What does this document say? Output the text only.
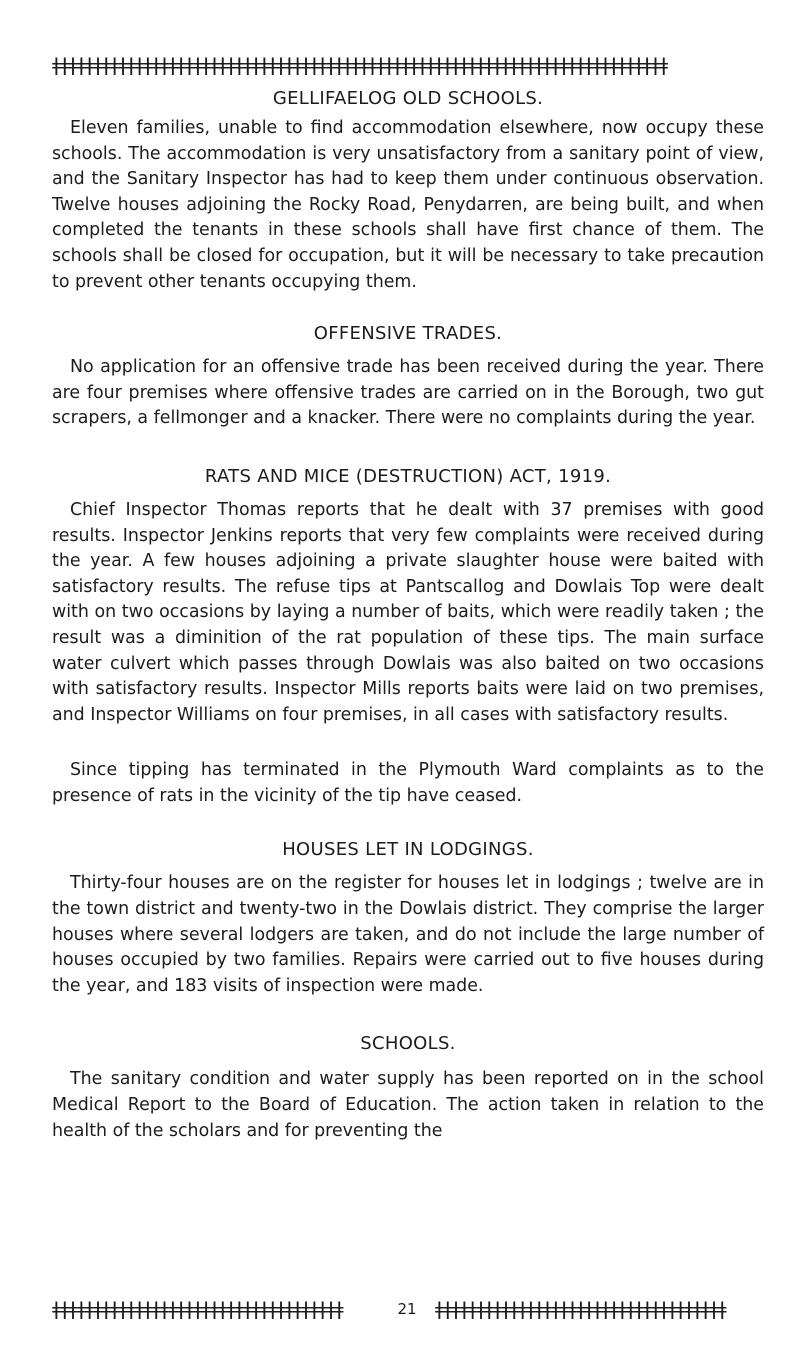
ǂǂǂǂǂǂǂǂǂǂǂǂǂǂǂǂǂǂǂǂǂǂǂǂǂǂǂǂǂǂǂǂǂǂǂǂǂǂǂǂǂǂǂǂǂǂǂǂǂǂǂǂǂǂǂǂǂǂǂǂǂǂǂǂǂǂǂǂǂǂǂǂǂǂ
GELLIFAELOG OLD SCHOOLS.

Eleven families, unable to find accommodation elsewhere, now occupy these schools. The accommodation is very unsatisfactory from a sanitary point of view, and the Sanitary Inspector has had to keep them under continuous observation. Twelve houses adjoining the Rocky Road, Penydarren, are being built, and when completed the tenants in these schools shall have first chance of them. The schools shall be closed for occupation, but it will be necessary to take precaution to prevent other tenants occupying them.

OFFENSIVE TRADES.

No application for an offensive trade has been received during the year. There are four premises where offensive trades are carried on in the Borough, two gut scrapers, a fellmonger and a knacker. There were no complaints during the year.

RATS AND MICE (DESTRUCTION) ACT, 1919.

Chief Inspector Thomas reports that he dealt with 37 premises with good results. Inspector Jenkins reports that very few complaints were received during the year. A few houses adjoining a private slaughter house were baited with satisfactory results. The refuse tips at Pantscallog and Dowlais Top were dealt with on two occasions by laying a number of baits, which were readily taken ; the result was a diminition of the rat population of these tips. The main surface water culvert which passes through Dowlais was also baited on two occasions with satisfactory results. Inspector Mills reports baits were laid on two premises, and Inspector Williams on four premises, in all cases with satisfactory results.

Since tipping has terminated in the Plymouth Ward complaints as to the presence of rats in the vicinity of the tip have ceased.

HOUSES LET IN LODGINGS.

Thirty-four houses are on the register for houses let in lodgings ; twelve are in the town district and twenty-two in the Dowlais district. They comprise the larger houses where several lodgers are taken, and do not include the large number of houses occupied by two families. Repairs were carried out to five houses during the year, and 183 visits of inspection were made.

SCHOOLS.

The sanitary condition and water supply has been reported on in the school Medical Report to the Board of Education. The action taken in relation to the health of the scholars and for preventing the

ǂǂǂǂǂǂǂǂǂǂǂǂǂǂǂǂǂǂǂǂǂǂǂǂǂǂǂǂǂǂǂǂǂǂǂ	21 ǂǂǂǂǂǂǂǂǂǂǂǂǂǂǂǂǂǂǂǂǂǂǂǂǂǂǂǂǂǂǂǂǂǂǂ
